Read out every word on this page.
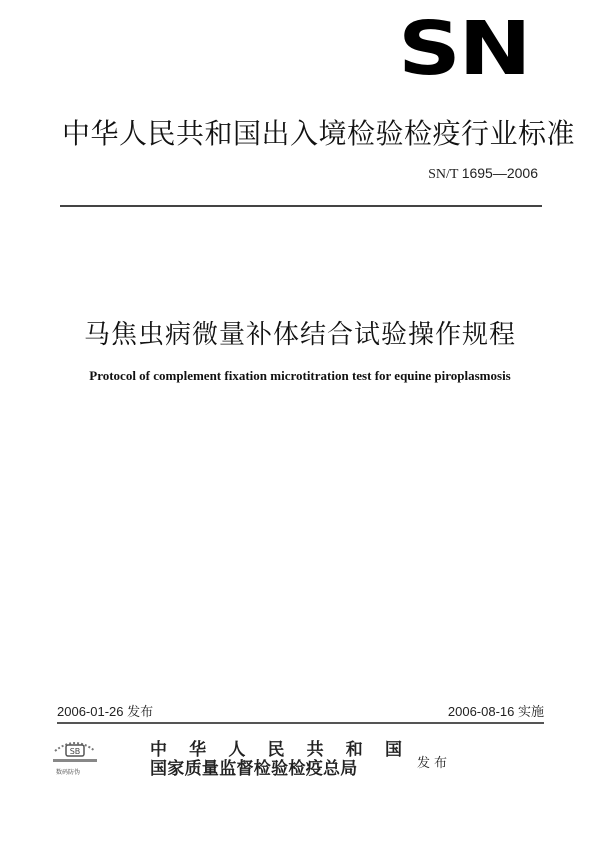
SN
中华人民共和国出入境检验检疫行业标准
SN/T 1695—2006
马焦虫病微量补体结合试验操作规程
Protocol of complement fixation microtitration test for equine piroplasmosis
2006-01-26 发布	2006-08-16 实施
SB
数码防伪
中 华 人 民 共 和 国
国家质量监督检验检疫总局	发布
